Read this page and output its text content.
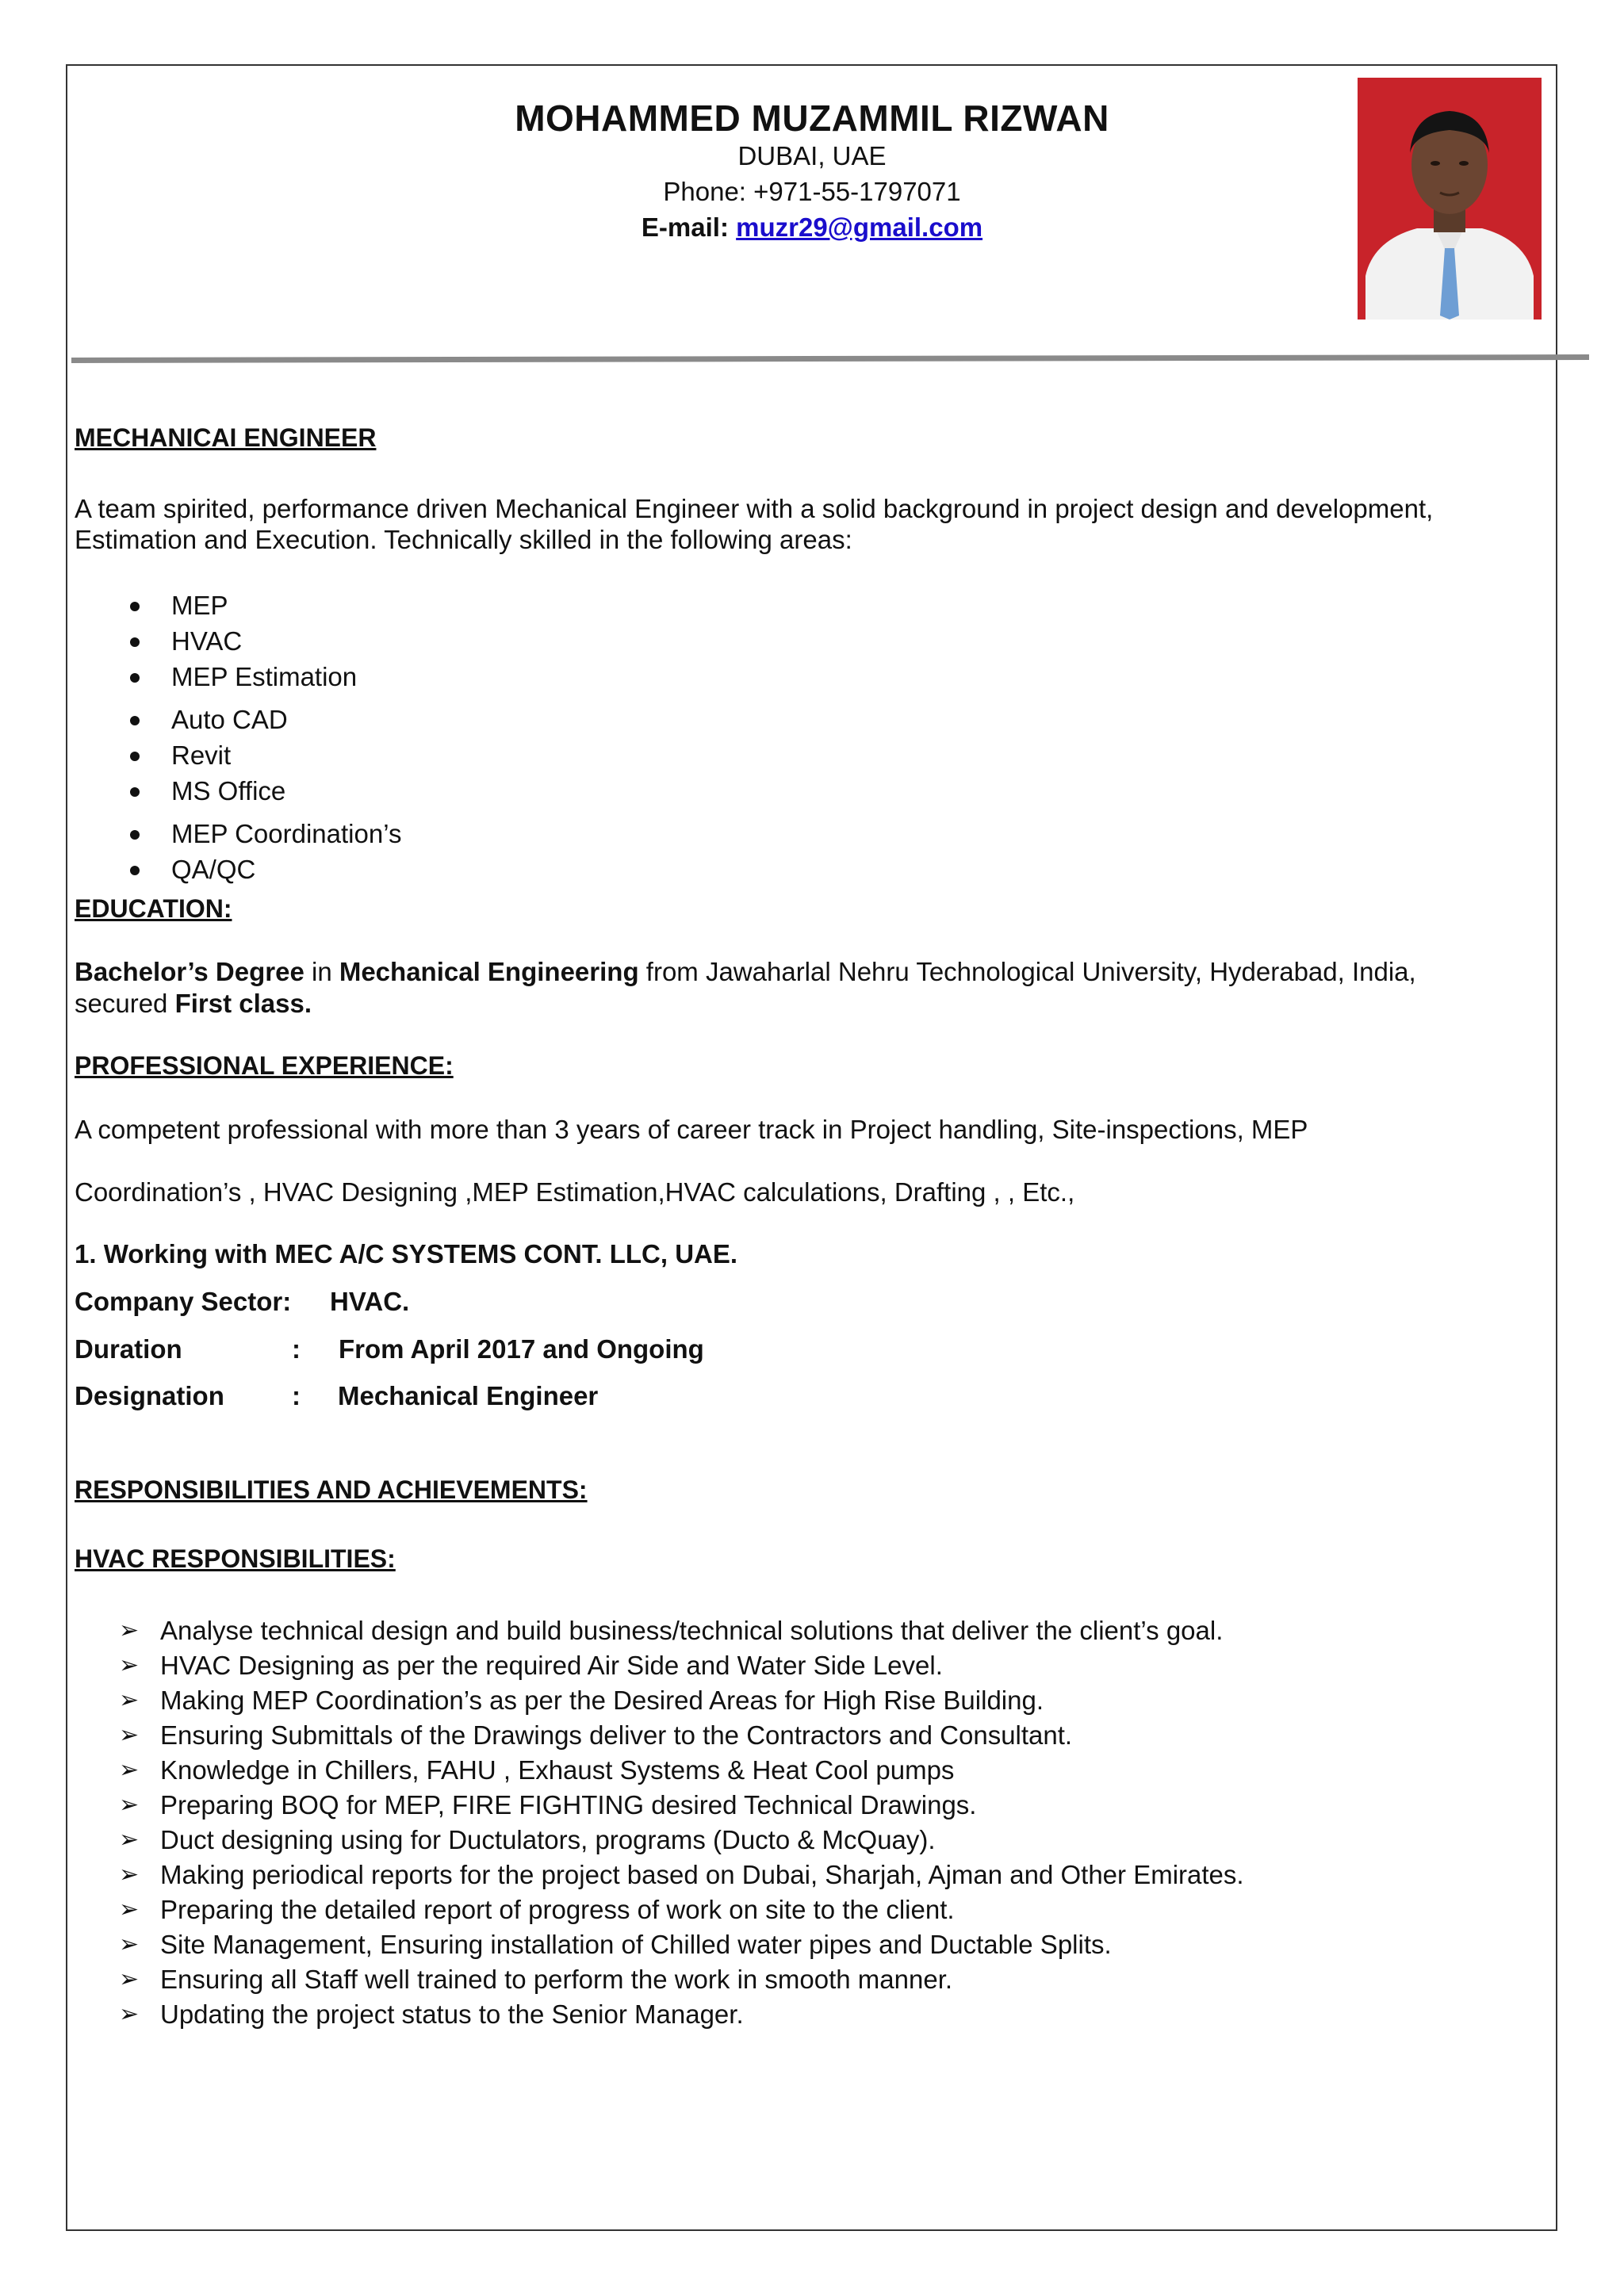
MOHAMMED MUZAMMIL RIZWAN
DUBAI, UAE
Phone: +971-55-1797071
E-mail: muzr29@gmail.com
MECHANICAI ENGINEER
A team spirited, performance driven Mechanical Engineer with a solid background in project design and development,
Estimation and Execution. Technically skilled in the following areas:
MEP
HVAC
MEP Estimation
Auto CAD
Revit
MS Office
MEP Coordination’s
QA/QC
EDUCATION:
Bachelor’s Degree in Mechanical Engineering from Jawaharlal Nehru Technological University, Hyderabad, India,
secured First class.
PROFESSIONAL EXPERIENCE:
A competent professional with more than 3 years of career track in Project handling, Site-inspections, MEP
Coordination’s , HVAC Designing ,MEP Estimation,HVAC calculations, Drafting , , Etc.,
1. Working with MEC A/C SYSTEMS CONT. LLC, UAE.
Company Sector: HVAC.
Duration	: From April 2017 and Ongoing
Designation	: Mechanical Engineer
RESPONSIBILITIES AND ACHIEVEMENTS:
HVAC RESPONSIBILITIES:
➢ Analyse technical design and build business/technical solutions that deliver the client’s goal.
➢ HVAC Designing as per the required Air Side and Water Side Level.
➢ Making MEP Coordination’s as per the Desired Areas for High Rise Building.
➢ Ensuring Submittals of the Drawings deliver to the Contractors and Consultant.
➢ Knowledge in Chillers, FAHU , Exhaust Systems & Heat Cool pumps
➢ Preparing BOQ for MEP, FIRE FIGHTING desired Technical Drawings.
➢ Duct designing using for Ductulators, programs (Ducto & McQuay).
➢ Making periodical reports for the project based on Dubai, Sharjah, Ajman and Other Emirates.
➢ Preparing the detailed report of progress of work on site to the client.
➢ Site Management, Ensuring installation of Chilled water pipes and Ductable Splits.
➢ Ensuring all Staff well trained to perform the work in smooth manner.
➢ Updating the project status to the Senior Manager.
